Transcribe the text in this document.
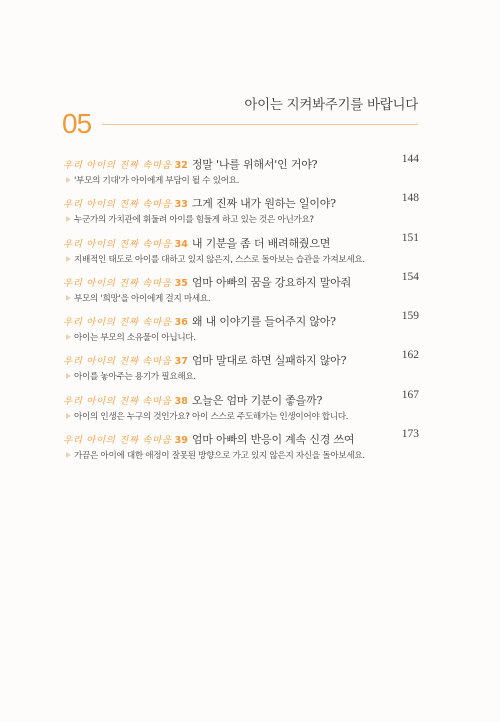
아이는 지켜봐주기를 바랍니다
05
우리 아이의 진짜 속마음 32 정말 '나를 위해서'인 거야?	144
'부모의 기대'가 아이에게 부담이 될 수 있어요.
우리 아이의 진짜 속마음 33 그게 진짜 내가 원하는 일이야?	148
누군가의 가치관에 휘둘려 아이를 힘들게 하고 있는 것은 아닌가요?
우리 아이의 진짜 속마음 34 내 기분을 좀 더 배려해줬으면	151
지배적인 태도로 아이를 대하고 있지 않은지, 스스로 돌아보는 습관을 가져보세요.
우리 아이의 진짜 속마음 35 엄마 아빠의 꿈을 강요하지 말아줘	154
부모의 '희망'을 아이에게 걸지 마세요.
우리 아이의 진짜 속마음 36 왜 내 이야기를 들어주지 않아?	159
아이는 부모의 소유물이 아닙니다.
우리 아이의 진짜 속마음 37 엄마 말대로 하면 실패하지 않아?	162
아이를 놓아주는 용기가 필요해요.
우리 아이의 진짜 속마음 38 오늘은 엄마 기분이 좋을까?	167
아이의 인생은 누구의 것인가요? 아이 스스로 주도해가는 인생이어야 합니다.
우리 아이의 진짜 속마음 39 엄마 아빠의 반응이 계속 신경 쓰여	173
가끔은 아이에 대한 애정이 잘못된 방향으로 가고 있지 않은지 자신을 돌아보세요.
